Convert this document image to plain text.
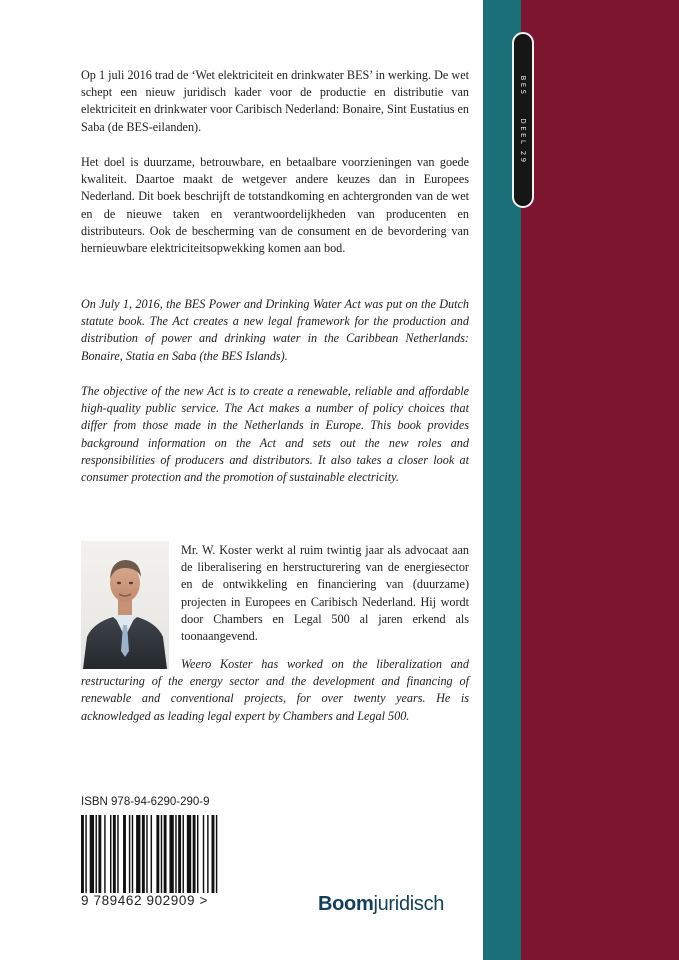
BESDEEL 29

Op 1 juli 2016 trad de ‘Wet elektriciteit en drinkwater BES’ in werking. De wet schept een nieuw juridisch kader voor de productie en distributie van elektriciteit en drinkwater voor Caribisch Nederland: Bonaire, Sint Eustatius en Saba (de BES-eilanden).

Het doel is duurzame, betrouwbare, en betaalbare voorzieningen van goede kwaliteit. Daartoe maakt de wetgever andere keuzes dan in Europees Nederland. Dit boek beschrijft de totstandkoming en achtergronden van de wet en de nieuwe taken en verantwoordelijkheden van producenten en distributeurs. Ook de bescherming van de consument en de bevordering van hernieuwbare elektriciteitsopwekking komen aan bod.

On July 1, 2016, the BES Power and Drinking Water Act was put on the Dutch statute book. The Act creates a new legal framework for the production and distribution of power and drinking water in the Caribbean Netherlands: Bonaire, Statia en Saba (the BES Islands).

The objective of the new Act is to create a renewable, reliable and affordable high-quality public service. The Act makes a number of policy choices that differ from those made in the Netherlands in Europe. This book provides background information on the Act and sets out the new roles and responsibilities of producers and distributors. It also takes a closer look at consumer protection and the promotion of sustainable electricity.

Mr. W. Koster werkt al ruim twintig jaar als advocaat aan de liberalisering en herstructurering van de energiesector en de ontwikkeling en financiering van (duurzame) projecten in Europees en Caribisch Nederland. Hij wordt door Chambers en Legal 500 al jaren erkend als toonaangevend.

Weero Koster has worked on the liberalization and restructuring of the energy sector and the development and financing of renewable and conventional projects, for over twenty years. He is acknowledged as leading legal expert by Chambers and Legal 500.

ISBN 978-94-6290-290-9
9 789462 902909 >	Boomjuridisch
